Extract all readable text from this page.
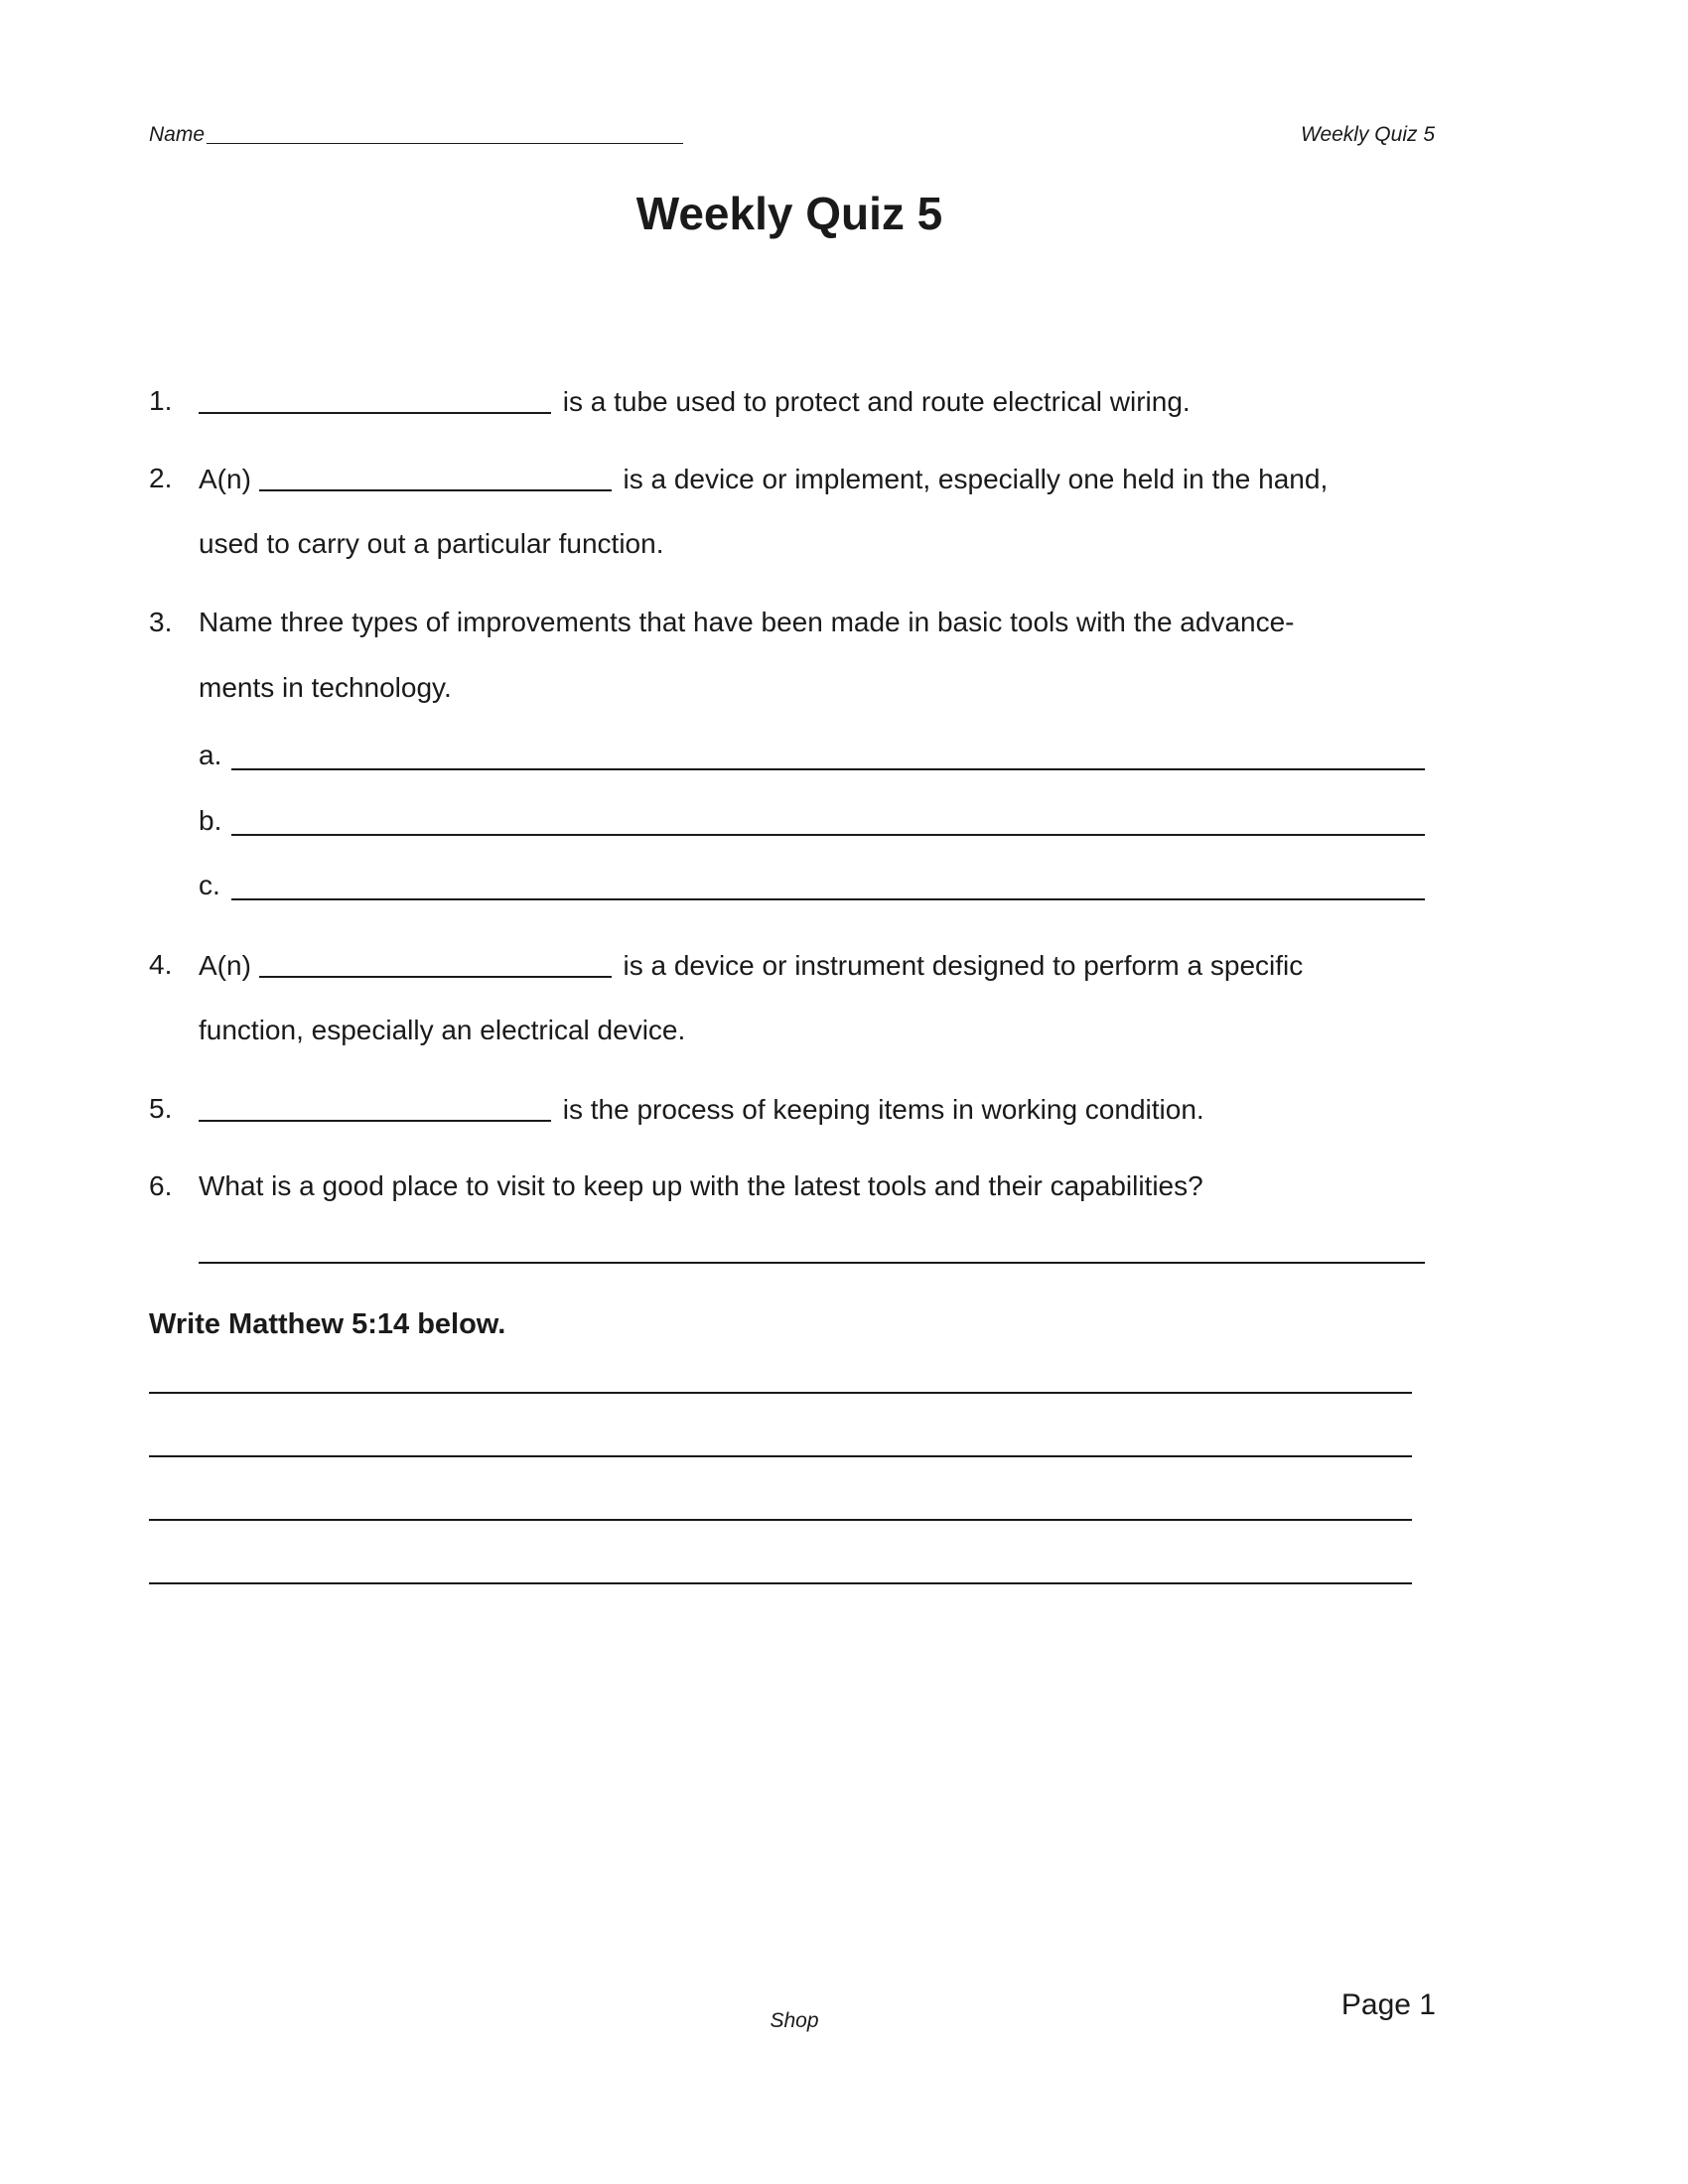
Name	Weekly Quiz 5
Weekly Quiz 5
1.	is a tube used to protect and route electrical wiring.
2. A(n)	is a device or implement, especially one held in the hand,
used to carry out a particular function.
3. Name three types of improvements that have been made in basic tools with the advance-
ments in technology.
a.
b.
c.
4. A(n)	is a device or instrument designed to perform a specific
function, especially an electrical device.
5.	is the process of keeping items in working condition.
6. What is a good place to visit to keep up with the latest tools and their capabilities?
Write Matthew 5:14 below.
Shop	Page 1
